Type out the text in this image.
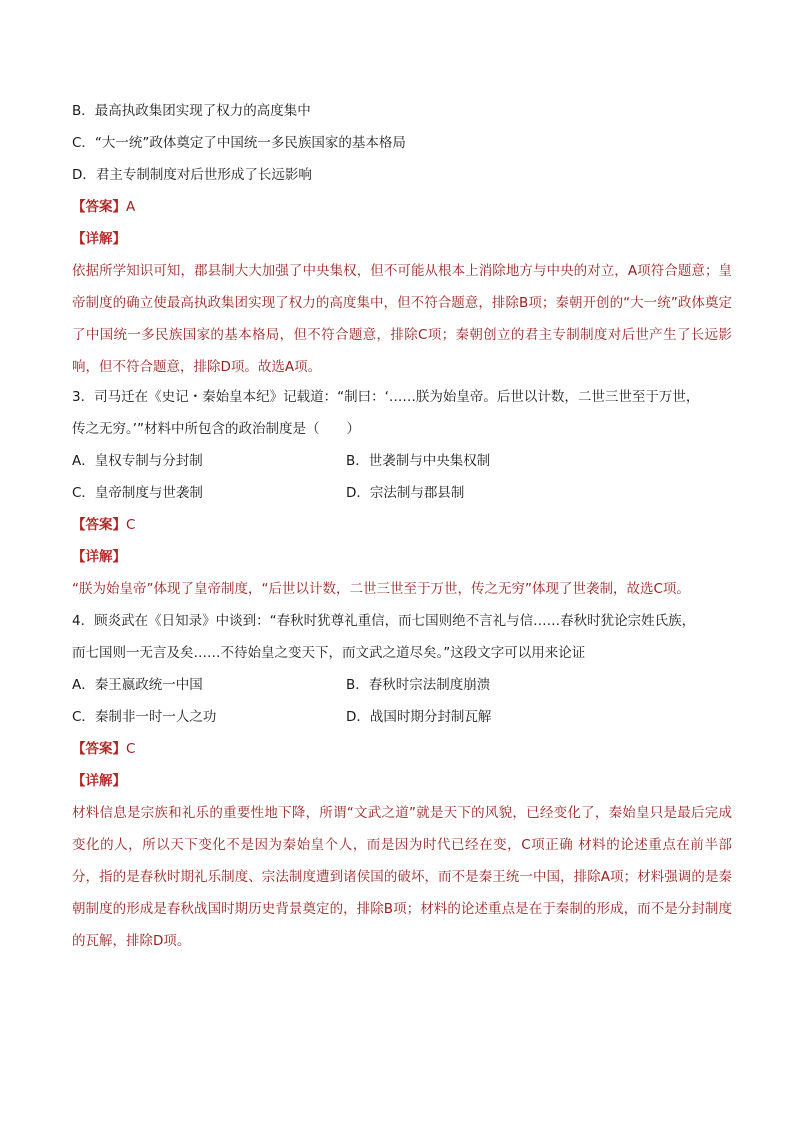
B．最高执政集团实现了权力的高度集中
C．“大一统”政体奠定了中国统一多民族国家的基本格局
D．君主专制制度对后世形成了长远影响
【答案】A
【详解】
依据所学知识可知，郡县制大大加强了中央集权，但不可能从根本上消除地方与中央的对立，A项符合题意；皇帝制度的确立使最高执政集团实现了权力的高度集中，但不符合题意，排除B项；秦朝开创的“大一统”政体奠定了中国统一多民族国家的基本格局，但不符合题意，排除C项；秦朝创立的君主专制制度对后世产生了长远影响，但不符合题意，排除D项。故选A项。
3．司马迁在《史记・秦始皇本纪》记载道：“制曰：‘……朕为始皇帝。后世以计数，二世三世至于万世，
传之无穷。’”材料中所包含的政治制度是（　　）
A．皇权专制与分封制	B．世袭制与中央集权制
C．皇帝制度与世袭制	D．宗法制与郡县制
【答案】C
【详解】
“朕为始皇帝”体现了皇帝制度，“后世以计数，二世三世至于万世，传之无穷”体现了世袭制，故选C项。
4．顾炎武在《日知录》中谈到：“春秋时犹尊礼重信，而七国则绝不言礼与信……春秋时犹论宗姓氏族，
而七国则一无言及矣……不待始皇之变天下，而文武之道尽矣。”这段文字可以用来论证
A．秦王嬴政统一中国	B．春秋时宗法制度崩溃
C．秦制非一时一人之功	D．战国时期分封制瓦解
【答案】C
【详解】
材料信息是宗族和礼乐的重要性地下降，所谓“文武之道”就是天下的风貌，已经变化了，秦始皇只是最后完成变化的人，所以天下变化不是因为秦始皇个人，而是因为时代已经在变，C项正确 材料的论述重点在前半部分，指的是春秋时期礼乐制度、宗法制度遭到诸侯国的破坏，而不是秦王统一中国，排除A项；材料强调的是秦朝制度的形成是春秋战国时期历史背景奠定的，排除B项；材料的论述重点是在于秦制的形成，而不是分封制度的瓦解，排除D项。
